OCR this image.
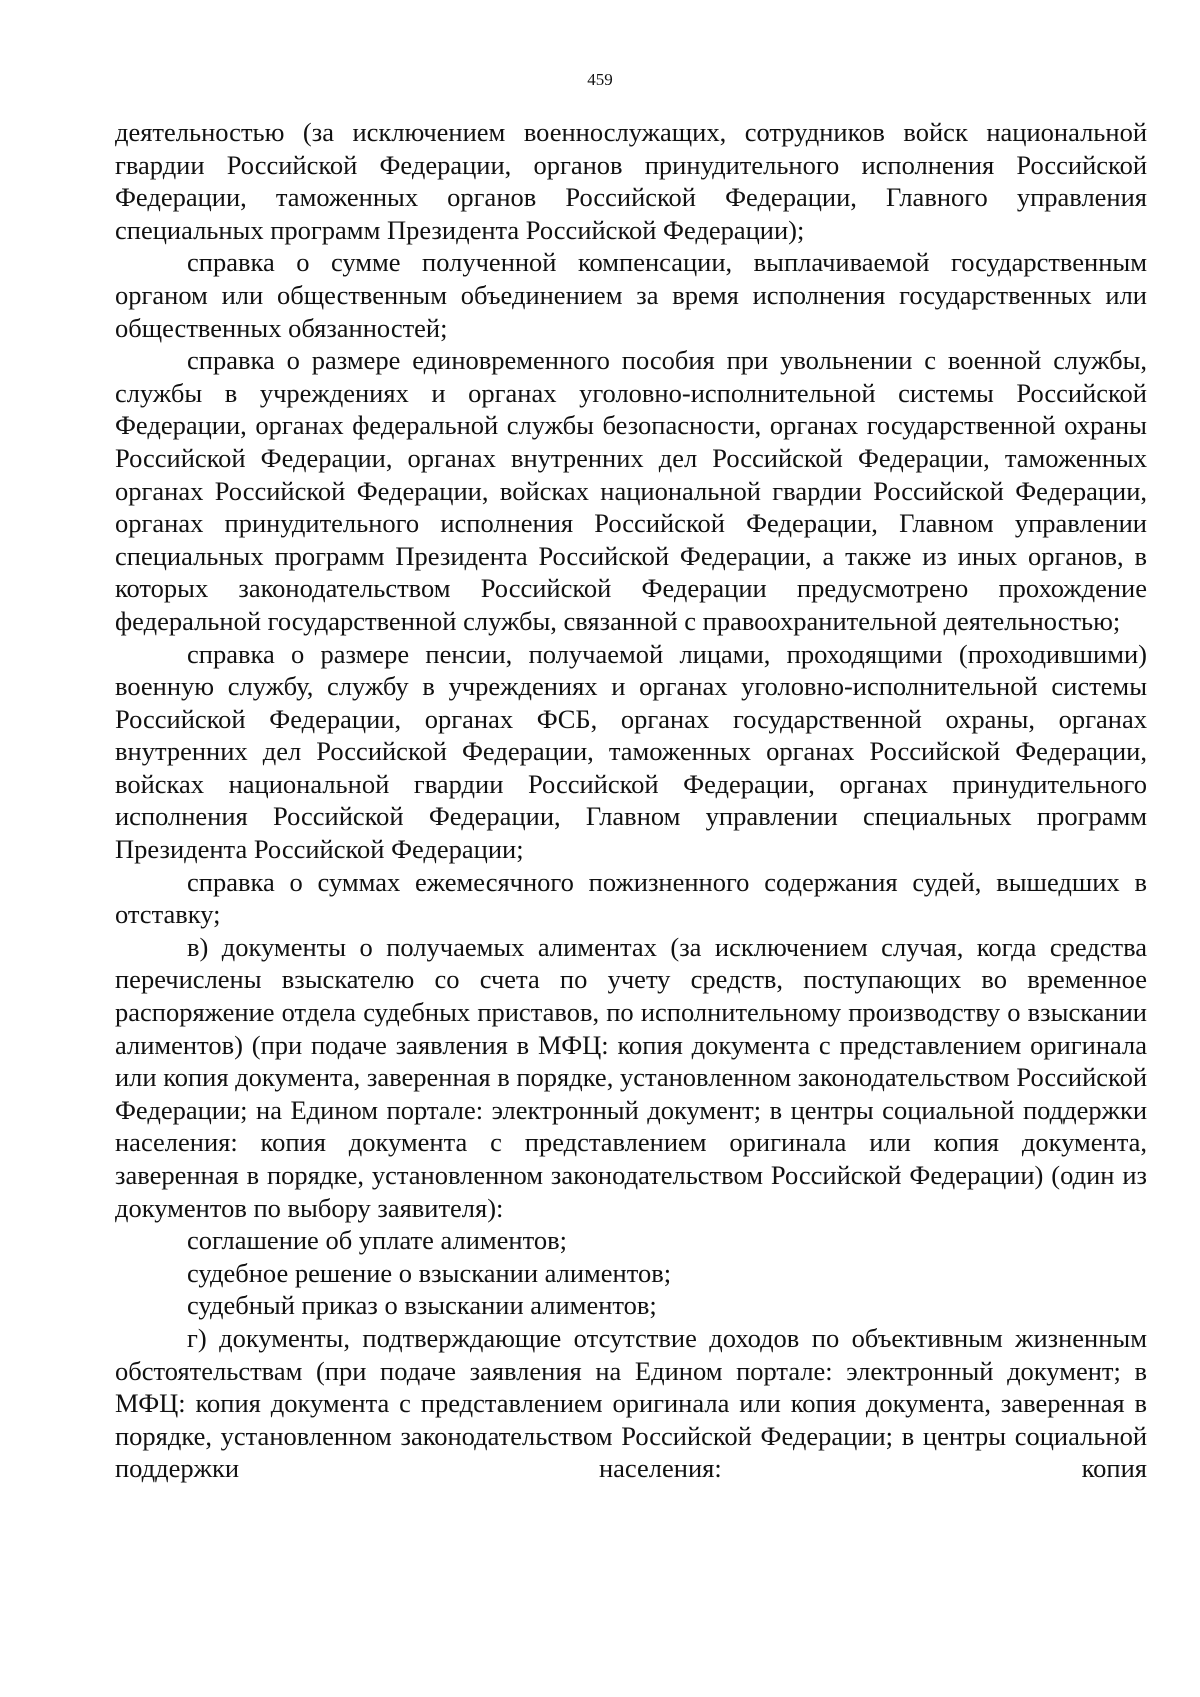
459

деятельностью (за исключением военнослужащих, сотрудников войск национальной гвардии Российской Федерации, органов принудительного исполнения Российской Федерации, таможенных органов Российской Федерации, Главного управления специальных программ Президента Российской Федерации);

справка о сумме полученной компенсации, выплачиваемой государственным органом или общественным объединением за время исполнения государственных или общественных обязанностей;

справка о размере единовременного пособия при увольнении с военной службы, службы в учреждениях и органах уголовно-исполнительной системы Российской Федерации, органах федеральной службы безопасности, органах государственной охраны Российской Федерации, органах внутренних дел Российской Федерации, таможенных органах Российской Федерации, войсках национальной гвардии Российской Федерации, органах принудительного исполнения Российской Федерации, Главном управлении специальных программ Президента Российской Федерации, а также из иных органов, в которых законодательством Российской Федерации предусмотрено прохождение федеральной государственной службы, связанной с правоохранительной деятельностью;

справка о размере пенсии, получаемой лицами, проходящими (проходившими) военную службу, службу в учреждениях и органах уголовно-исполнительной системы Российской Федерации, органах ФСБ, органах государственной охраны, органах внутренних дел Российской Федерации, таможенных органах Российской Федерации, войсках национальной гвардии Российской Федерации, органах принудительного исполнения Российской Федерации, Главном управлении специальных программ Президента Российской Федерации;

справка о суммах ежемесячного пожизненного содержания судей, вышедших в отставку;

в) документы о получаемых алиментах (за исключением случая, когда средства перечислены взыскателю со счета по учету средств, поступающих во временное распоряжение отдела судебных приставов, по исполнительному производству о взыскании алиментов) (при подаче заявления в МФЦ: копия документа с представлением оригинала или копия документа, заверенная в порядке, установленном законодательством Российской Федерации; на Едином портале: электронный документ; в центры социальной поддержки населения: копия документа с представлением оригинала или копия документа, заверенная в порядке, установленном законодательством Российской Федерации) (один из документов по выбору заявителя):

соглашение об уплате алиментов;

судебное решение о взыскании алиментов;

судебный приказ о взыскании алиментов;

г) документы, подтверждающие отсутствие доходов по объективным жизненным обстоятельствам (при подаче заявления на Едином портале: электронный документ; в МФЦ: копия документа с представлением оригинала или копия документа, заверенная в порядке, установленном законодательством Российской Федерации; в центры социальной поддержки населения: копия
